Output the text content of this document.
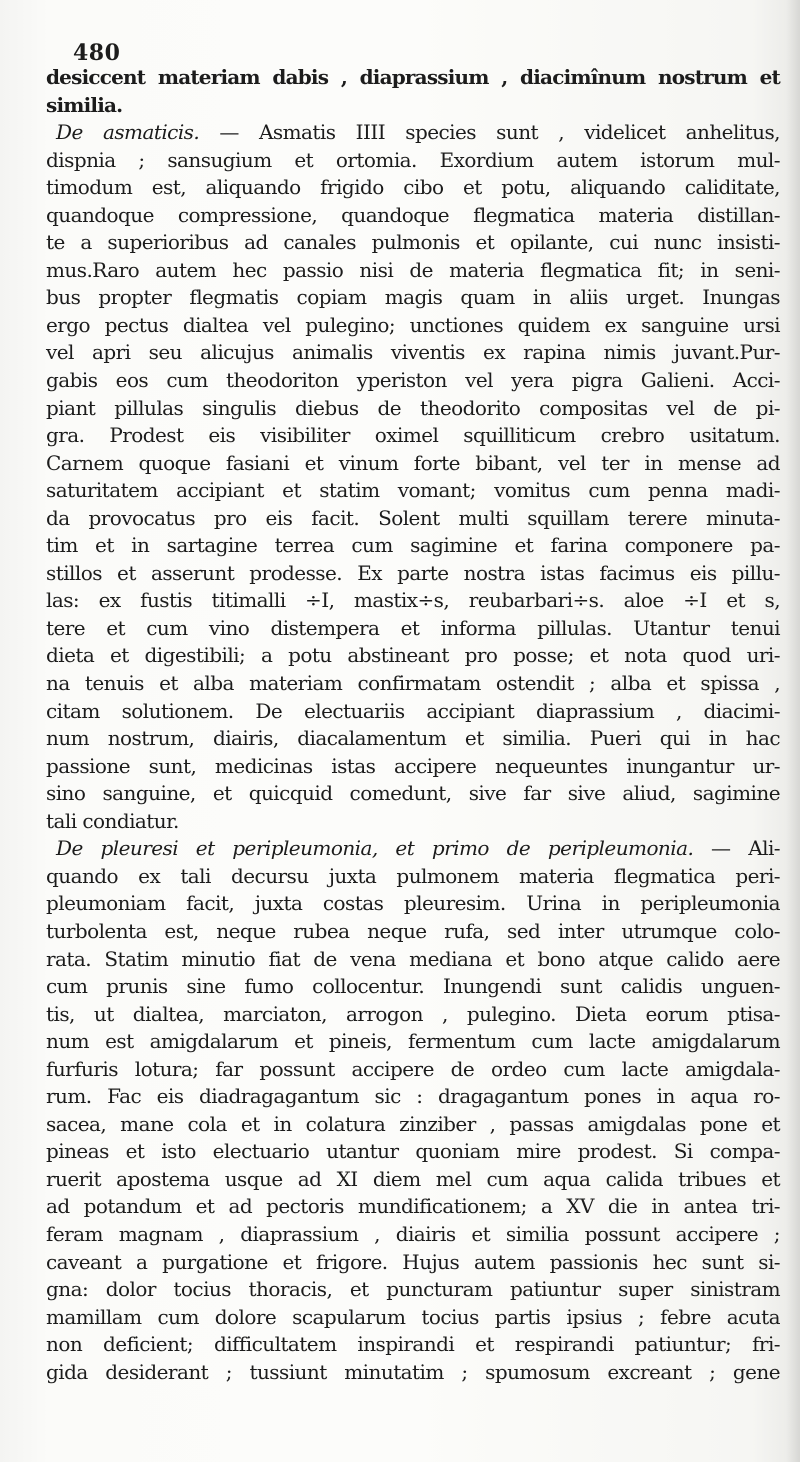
480
desiccent materiam dabis , diaprassium , diacimînum nostrum et
similia.
De asmaticis. — Asmatis IIII species sunt , videlicet anhelitus,
dispnia ; sansugium et ortomia. Exordium autem istorum mul-
timodum est, aliquando frigido cibo et potu, aliquando caliditate,
quandoque compressione, quandoque flegmatica materia distillan-
te a superioribus ad canales pulmonis et opilante, cui nunc insisti-
mus.Raro autem hec passio nisi de materia flegmatica fit; in seni-
bus propter flegmatis copiam magis quam in aliis urget. Inungas
ergo pectus dialtea vel pulegino; unctiones quidem ex sanguine ursi
vel apri seu alicujus animalis viventis ex rapina nimis juvant.Pur-
gabis eos cum theodoriton yperiston vel yera pigra Galieni. Acci-
piant pillulas singulis diebus de theodorito compositas vel de pi-
gra. Prodest eis visibiliter oximel squilliticum crebro usitatum.
Carnem quoque fasiani et vinum forte bibant, vel ter in mense ad
saturitatem accipiant et statim vomant; vomitus cum penna madi-
da provocatus pro eis facit. Solent multi squillam terere minuta-
tim et in sartagine terrea cum sagimine et farina componere pa-
stillos et asserunt prodesse. Ex parte nostra istas facimus eis pillu-
las: ex fustis titimalli ÷I, mastix÷s, reubarbari÷s. aloe ÷I et s,
tere et cum vino distempera et informa pillulas. Utantur tenui
dieta et digestibili; a potu abstineant pro posse; et nota quod uri-
na tenuis et alba materiam confirmatam ostendit ; alba et spissa ,
citam solutionem. De electuariis accipiant diaprassium , diacimi-
num nostrum, diairis, diacalamentum et similia. Pueri qui in hac
passione sunt, medicinas istas accipere nequeuntes inungantur ur-
sino sanguine, et quicquid comedunt, sive far sive aliud, sagimine
tali condiatur.
De pleuresi et peripleumonia, et primo de peripleumonia. — Ali-
quando ex tali decursu juxta pulmonem materia flegmatica peri-
pleumoniam facit, juxta costas pleuresim. Urina in peripleumonia
turbolenta est, neque rubea neque rufa, sed inter utrumque colo-
rata. Statim minutio fiat de vena mediana et bono atque calido aere
cum prunis sine fumo collocentur. Inungendi sunt calidis unguen-
tis, ut dialtea, marciaton, arrogon , pulegino. Dieta eorum ptisa-
num est amigdalarum et pineis, fermentum cum lacte amigdalarum
furfuris lotura; far possunt accipere de ordeo cum lacte amigdala-
rum. Fac eis diadragagantum sic : dragagantum pones in aqua ro-
sacea, mane cola et in colatura zinziber , passas amigdalas pone et
pineas et isto electuario utantur quoniam mire prodest. Si compa-
ruerit apostema usque ad XI diem mel cum aqua calida tribues et
ad potandum et ad pectoris mundificationem; a XV die in antea tri-
feram magnam , diaprassium , diairis et similia possunt accipere ;
caveant a purgatione et frigore. Hujus autem passionis hec sunt si-
gna: dolor tocius thoracis, et puncturam patiuntur super sinistram
mamillam cum dolore scapularum tocius partis ipsius ; febre acuta
non deficient; difficultatem inspirandi et respirandi patiuntur; fri-
gida desiderant ; tussiunt minutatim ; spumosum excreant ; gene
